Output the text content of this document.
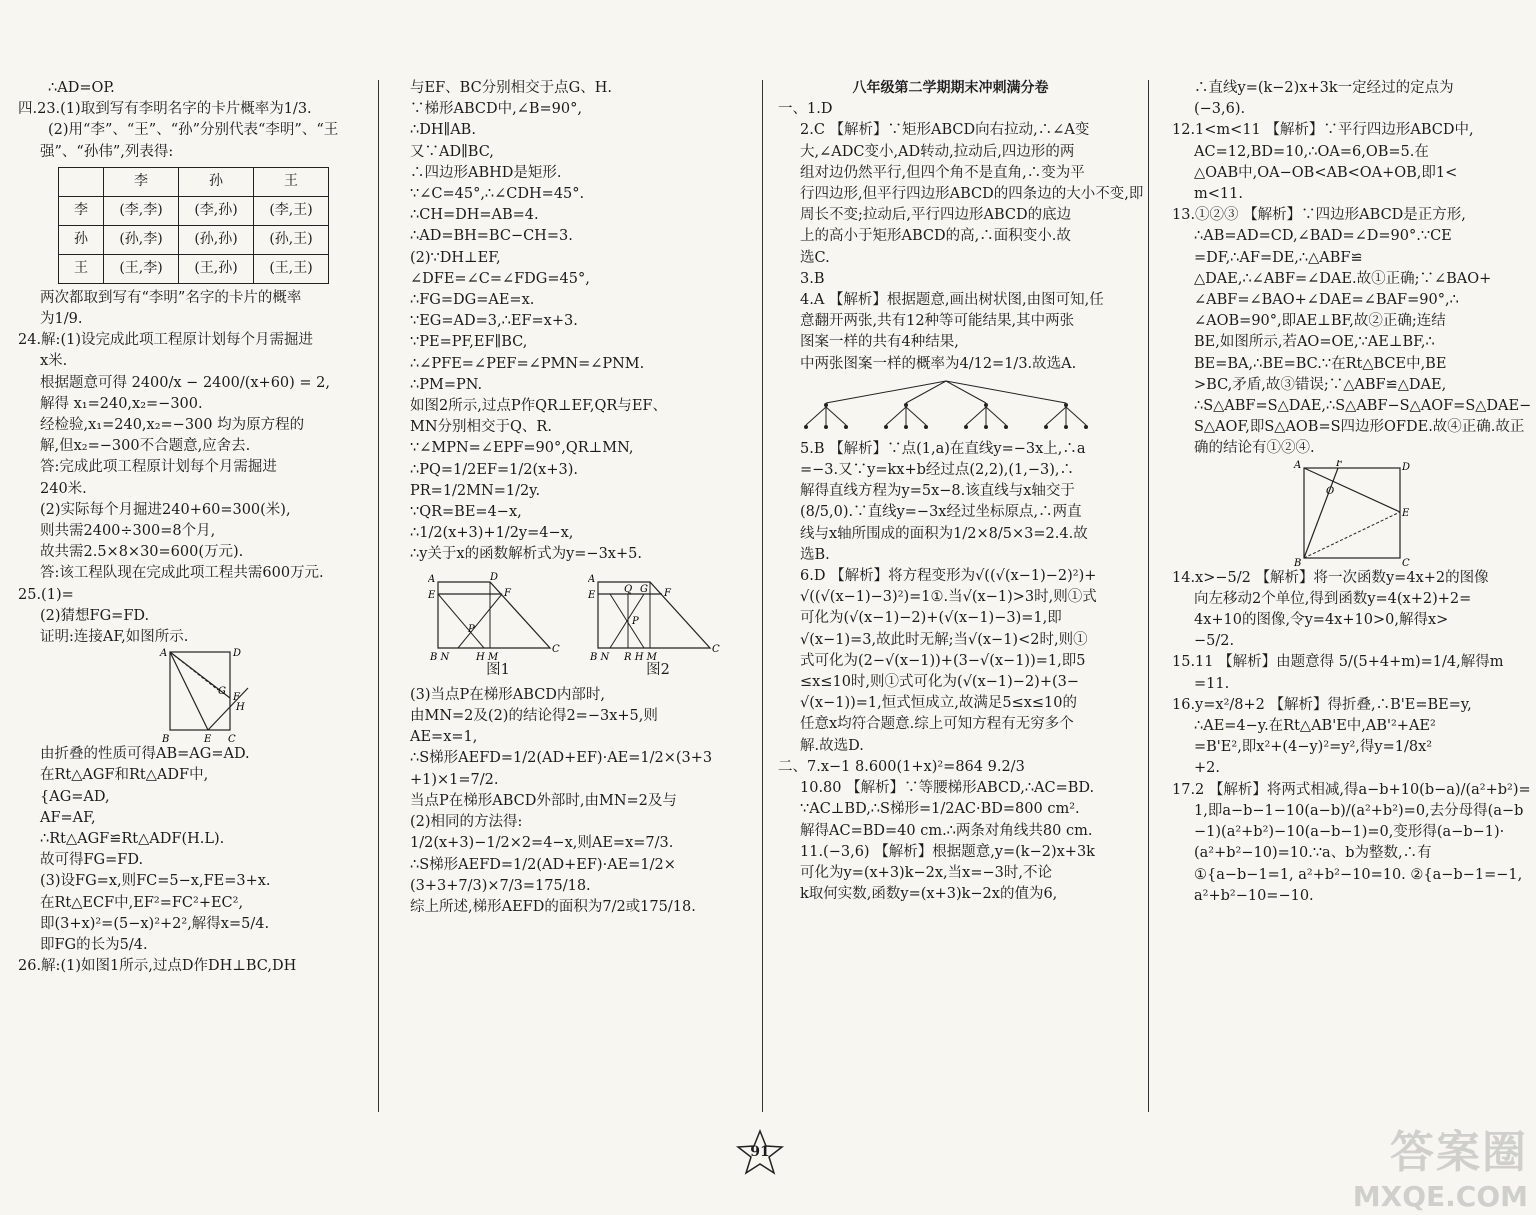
∴AD=OP.

四.23.(1)取到写有李明名字的卡片概率为1/3.

(2)用“李”、“王”、“孙”分别代表“李明”、“王

强”、“孙伟”,列表得:

	李	孙	王
李	(李,李)	(李,孙)	(李,王)
孙	(孙,李)	(孙,孙)	(孙,王)
王	(王,李)	(王,孙)	(王,王)

两次都取到写有“李明”名字的卡片的概率

为1/9.

24.解:(1)设完成此项工程原计划每个月需掘进

x米.

根据题意可得 2400/x − 2400/(x+60) = 2,

解得 x₁=240,x₂=−300.

经检验,x₁=240,x₂=−300 均为原方程的

解,但x₂=−300不合题意,应舍去.

答:完成此项工程原计划每个月需掘进

240米.

(2)实际每个月掘进240+60=300(米),

则共需2400÷300=8个月,

故共需2.5×8×30=600(万元).

答:该工程队现在完成此项工程共需600万元.

25.(1)=

(2)猜想FG=FD.

证明:连接AF,如图所示.

A	D
F
H
G
B	E C

由折叠的性质可得AB=AG=AD.

在Rt△AGF和Rt△ADF中,

{AG=AD,

AF=AF,

∴Rt△AGF≌Rt△ADF(H.L).

故可得FG=FD.

(3)设FG=x,则FC=5−x,FE=3+x.

在Rt△ECF中,EF²=FC²+EC²,

即(3+x)²=(5−x)²+2²,解得x=5/4.

即FG的长为5/4.

26.解:(1)如图1所示,过点D作DH⊥BC,DH

与EF、BC分别相交于点G、H.

∵梯形ABCD中,∠B=90°,

∴DH∥AB.

又∵AD∥BC,

∴四边形ABHD是矩形.

∵∠C=45°,∴∠CDH=45°.

∴CH=DH=AB=4.

∴AD=BH=BC−CH=3.

(2)∵DH⊥EF,

∠DFE=∠C=∠FDG=45°,

∴FG=DG=AE=x.

∵EG=AD=3,∴EF=x+3.

∵PE=PF,EF∥BC,

∴∠PFE=∠PEF=∠PMN=∠PNM.

∴PM=PN.

如图2所示,过点P作QR⊥EF,QR与EF、

MN分别相交于Q、R.

∵∠MPN=∠EPF=90°,QR⊥MN,

∴PQ=1/2EF=1/2(x+3).

PR=1/2MN=1/2y.

∵QR=BE=4−x,

∴1/2(x+3)+1/2y=4−x,

∴y关于x的函数解析式为y=−3x+5.

A
E
D
F
P
B N	H M
C

图1

A
E
Q G F
P
B N R H M
C

图2

(3)当点P在梯形ABCD内部时,

由MN=2及(2)的结论得2=−3x+5,则

AE=x=1,

∴S梯形AEFD=1/2(AD+EF)·AE=1/2×(3+3

+1)×1=7/2.

当点P在梯形ABCD外部时,由MN=2及与

(2)相同的方法得:

1/2(x+3)−1/2×2=4−x,则AE=x=7/3.

∴S梯形AEFD=1/2(AD+EF)·AE=1/2×

(3+3+7/3)×7/3=175/18.

综上所述,梯形AEFD的面积为7/2或175/18.

八年级第二学期期末冲刺满分卷

一、1.D

2.C 【解析】∵矩形ABCD向右拉动,∴∠A变

大,∠ADC变小,AD转动,拉动后,四边形的两

组对边仍然平行,但四个角不是直角,∴变为平

行四边形,但平行四边形ABCD的四条边的大小不变,即

周长不变;拉动后,平行四边形ABCD的底边

上的高小于矩形ABCD的高,∴面积变小.故

选C.

3.B

4.A 【解析】根据题意,画出树状图,由图可知,任

意翻开两张,共有12种等可能结果,其中两张

图案一样的共有4种结果,

中两张图案一样的概率为4/12=1/3.故选A.

5.B 【解析】∵点(1,a)在直线y=−3x上,∴a

=−3.又∵y=kx+b经过点(2,2),(1,−3),∴

解得直线方程为y=5x−8.该直线与x轴交于

(8/5,0).∵直线y=−3x经过坐标原点,∴两直

线与x轴所围成的面积为1/2×8/5×3=2.4.故

选B.

6.D 【解析】将方程变形为√((√(x−1)−2)²)+

√((√(x−1)−3)²)=1①.当√(x−1)>3时,则①式

可化为(√(x−1)−2)+(√(x−1)−3)=1,即

√(x−1)=3,故此时无解;当√(x−1)<2时,则①

式可化为(2−√(x−1))+(3−√(x−1))=1,即5

≤x≤10时,则①式可化为(√(x−1)−2)+(3−

√(x−1))=1,恒式恒成立,故满足5≤x≤10的

任意x均符合题意.综上可知方程有无穷多个

解.故选D.

二、7.x−1 8.600(1+x)²=864 9.2/3

10.80 【解析】∵等腰梯形ABCD,∴AC=BD.

∵AC⊥BD,∴S梯形=1/2AC·BD=800 cm².

解得AC=BD=40 cm.∴两条对角线共80 cm.

11.(−3,6) 【解析】根据题意,y=(k−2)x+3k

可化为y=(x+3)k−2x,当x=−3时,不论

k取何实数,函数y=(x+3)k−2x的值为6,

∴直线y=(k−2)x+3k一定经过的定点为

(−3,6).

12.1<m<11 【解析】∵平行四边形ABCD中,

AC=12,BD=10,∴OA=6,OB=5.在

△OAB中,OA−OB<AB<OA+OB,即1<

m<11.

13.①②③ 【解析】∵四边形ABCD是正方形,

∴AB=AD=CD,∠BAD=∠D=90°.∵CE

=DF,∴AF=DE,∴△ABF≌

△DAE,∴∠ABF=∠DAE.故①正确;∵∠BAO+

∠ABF=∠BAO+∠DAE=∠BAF=90°,∴

∠AOB=90°,即AE⊥BF,故②正确;连结

BE,如图所示,若AO=OE,∵AE⊥BF,∴

BE=BA,∴BE=BC.∵在Rt△BCE中,BE

>BC,矛盾,故③错误;∵△ABF≌△DAE,

∴S△ABF=S△DAE,∴S△ABF−S△AOF=S△DAE−

S△AOF,即S△AOB=S四边形OFDE.故④正确.故正

确的结论有①②④.

A	F	D
O
E
B	C

14.x>−5/2 【解析】将一次函数y=4x+2的图像

向左移动2个单位,得到函数y=4(x+2)+2=

4x+10的图像,令y=4x+10>0,解得x>

−5/2.

15.11 【解析】由题意得 5/(5+4+m)=1/4,解得m

=11.

16.y=x²/8+2 【解析】得折叠,∴B'E=BE=y,

∴AE=4−y.在Rt△AB'E中,AB'²+AE²

=B'E²,即x²+(4−y)²=y²,得y=1/8x²

+2.

17.2 【解析】将两式相减,得a−b+10(b−a)/(a²+b²)=

1,即a−b−1−10(a−b)/(a²+b²)=0,去分母得(a−b

−1)(a²+b²)−10(a−b−1)=0,变形得(a−b−1)·

(a²+b²−10)=10.∵a、b为整数,∴有

①{a−b−1=1, a²+b²−10=10. ②{a−b−1=−1, a²+b²−10=−10.

91	答案圈
MXQE.COM
